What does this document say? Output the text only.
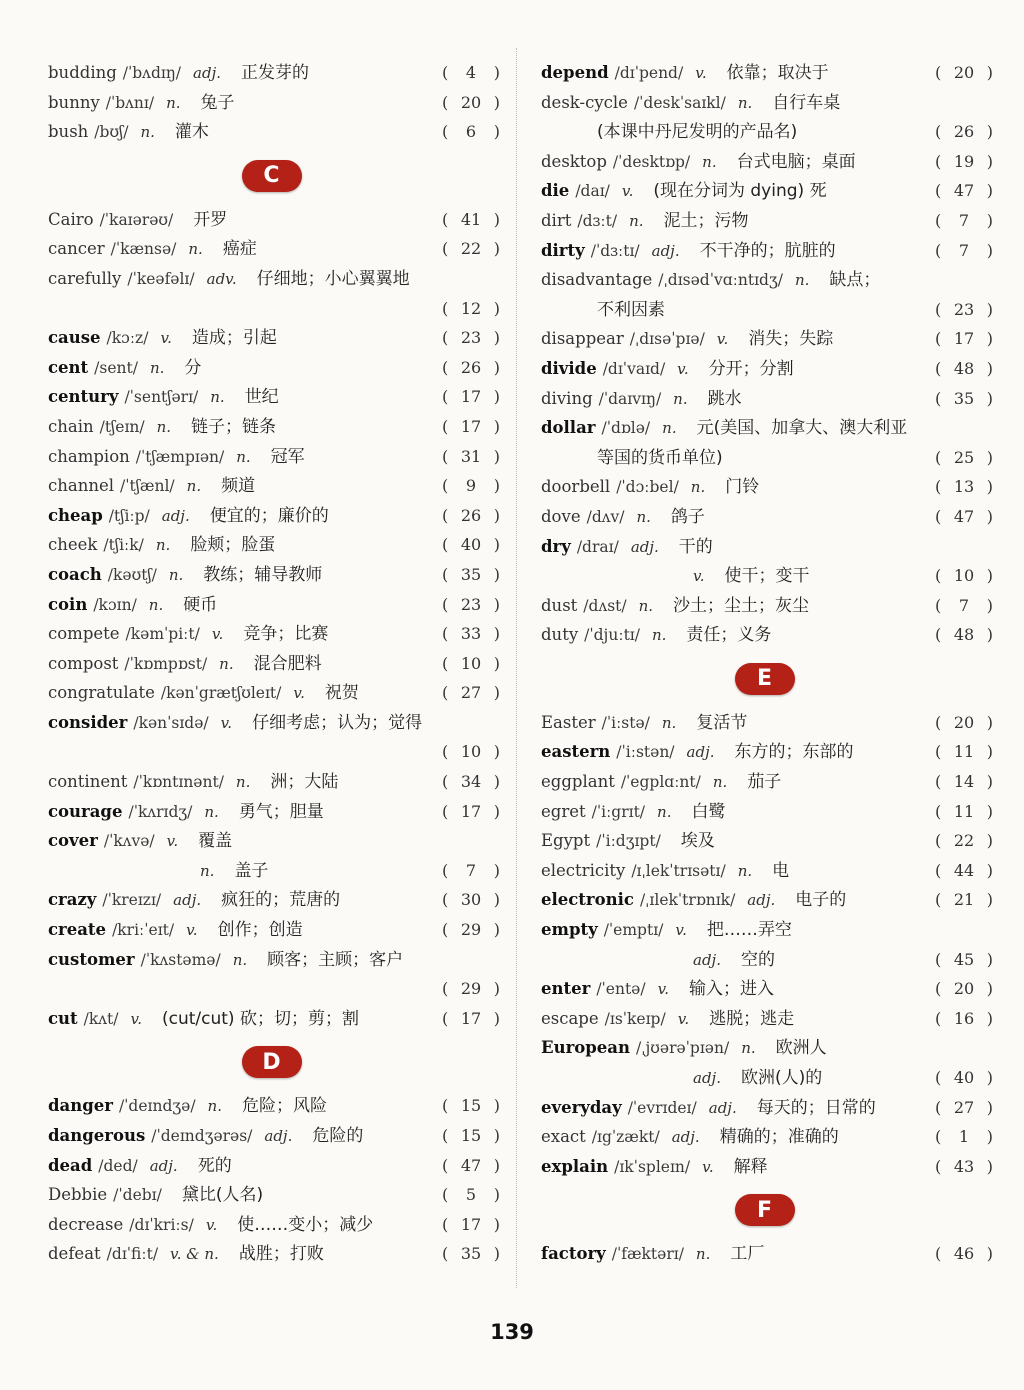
budding /ˈbʌdɪŋ/ adj. 正发芽的	( 4 )
bunny /ˈbʌnɪ/ n. 兔子	( 20 )
bush /bʊʃ/ n. 灌木	( 6 )
C
Cairo /ˈkaɪərəʊ/ 开罗	( 41 )
cancer /ˈkænsə/ n. 癌症	( 22 )
carefully /ˈkeəfəlɪ/ adv. 仔细地；小心翼翼地
( 12 )
cause /kɔːz/ v. 造成；引起	( 23 )
cent /sent/ n. 分	( 26 )
century /ˈsentʃərɪ/ n. 世纪	( 17 )
chain /tʃeɪn/ n. 链子；链条	( 17 )
champion /ˈtʃæmpɪən/ n. 冠军	( 31 )
channel /ˈtʃænl/ n. 频道	( 9 )
cheap /tʃiːp/ adj. 便宜的；廉价的	( 26 )
cheek /tʃiːk/ n. 脸颊；脸蛋	( 40 )
coach /kəʊtʃ/ n. 教练；辅导教师	( 35 )
coin /kɔɪn/ n. 硬币	( 23 )
compete /kəmˈpiːt/ v. 竞争；比赛	( 33 )
compost /ˈkɒmpɒst/ n. 混合肥料	( 10 )
congratulate /kənˈgrætʃʊleɪt/ v. 祝贺	( 27 )
consider /kənˈsɪdə/ v. 仔细考虑；认为；觉得
( 10 )
continent /ˈkɒntɪnənt/ n. 洲；大陆	( 34 )
courage /ˈkʌrɪdʒ/ n. 勇气；胆量	( 17 )
cover /ˈkʌvə/ v. 覆盖
n. 盖子	( 7 )
crazy /ˈkreɪzɪ/ adj. 疯狂的；荒唐的	( 30 )
create /kriːˈeɪt/ v. 创作；创造	( 29 )
customer /ˈkʌstəmə/ n. 顾客；主顾；客户
( 29 )
cut /kʌt/ v. (cut/cut) 砍；切；剪；割	( 17 )
D
danger /ˈdeɪndʒə/ n. 危险；风险	( 15 )
dangerous /ˈdeɪndʒərəs/ adj. 危险的	( 15 )
dead /ded/ adj. 死的	( 47 )
Debbie /ˈdebɪ/ 黛比(人名)	( 5 )
decrease /dɪˈkriːs/ v. 使……变小；减少	( 17 )
defeat /dɪˈfiːt/ v. & n. 战胜；打败	( 35 )
depend /dɪˈpend/ v. 依靠；取决于	( 20 )
desk-cycle /ˈdeskˈsaɪkl/ n. 自行车桌
(本课中丹尼发明的产品名)	( 26 )
desktop /ˈdesktɒp/ n. 台式电脑；桌面	( 19 )
die /daɪ/ v. (现在分词为 dying) 死	( 47 )
dirt /dɜːt/ n. 泥土；污物	( 7 )
dirty /ˈdɜːtɪ/ adj. 不干净的；肮脏的	( 7 )
disadvantage /ˌdɪsədˈvɑːntɪdʒ/ n. 缺点；
不利因素	( 23 )
disappear /ˌdɪsəˈpɪə/ v. 消失；失踪	( 17 )
divide /dɪˈvaɪd/ v. 分开；分割	( 48 )
diving /ˈdaɪvɪŋ/ n. 跳水	( 35 )
dollar /ˈdɒlə/ n. 元(美国、加拿大、澳大利亚
等国的货币单位)	( 25 )
doorbell /ˈdɔːbel/ n. 门铃	( 13 )
dove /dʌv/ n. 鸽子	( 47 )
dry /draɪ/ adj. 干的
v. 使干；变干	( 10 )
dust /dʌst/ n. 沙土；尘土；灰尘	( 7 )
duty /ˈdjuːtɪ/ n. 责任；义务	( 48 )
E
Easter /ˈiːstə/ n. 复活节	( 20 )
eastern /ˈiːstən/ adj. 东方的；东部的	( 11 )
eggplant /ˈegplɑːnt/ n. 茄子	( 14 )
egret /ˈiːgrɪt/ n. 白鹭	( 11 )
Egypt /ˈiːdʒɪpt/ 埃及	( 22 )
electricity /ɪˌlekˈtrɪsətɪ/ n. 电	( 44 )
electronic /ˌɪlekˈtrɒnɪk/ adj. 电子的	( 21 )
empty /ˈemptɪ/ v. 把……弄空
adj. 空的	( 45 )
enter /ˈentə/ v. 输入；进入	( 20 )
escape /ɪsˈkeɪp/ v. 逃脱；逃走	( 16 )
European /ˌjʊərəˈpɪən/ n. 欧洲人
adj. 欧洲(人)的	( 40 )
everyday /ˈevrɪdeɪ/ adj. 每天的；日常的	( 27 )
exact /ɪgˈzækt/ adj. 精确的；准确的	( 1 )
explain /ɪkˈspleɪn/ v. 解释	( 43 )
F
factory /ˈfæktərɪ/ n. 工厂	( 46 )
139
